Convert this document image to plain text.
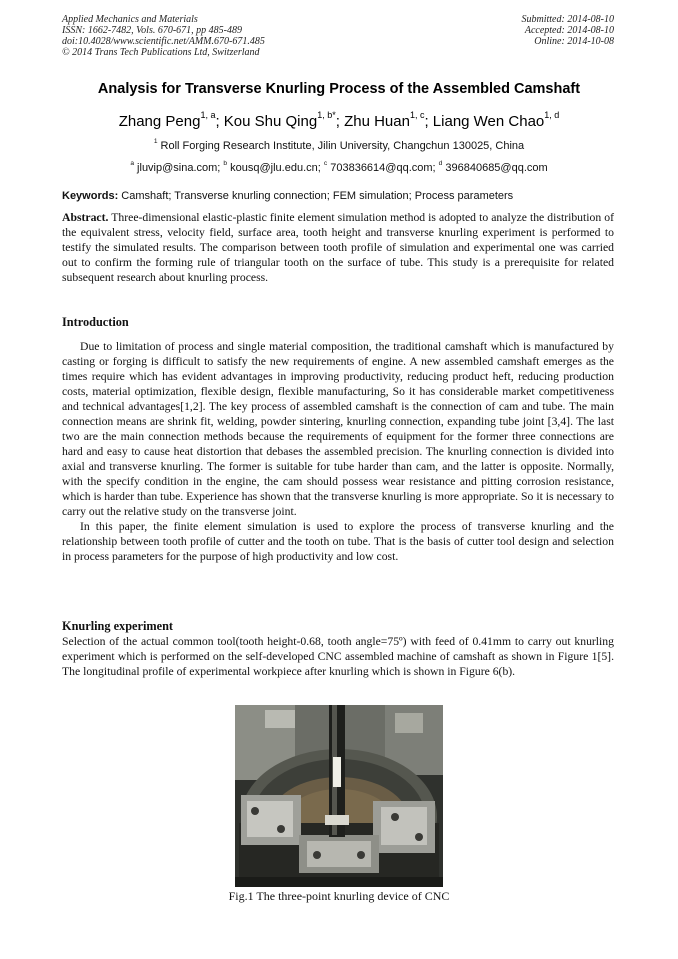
Applied Mechanics and Materials
ISSN: 1662-7482, Vols. 670-671, pp 485-489
doi:10.4028/www.scientific.net/AMM.670-671.485
© 2014 Trans Tech Publications Ltd, Switzerland
Submitted: 2014-08-10
Accepted: 2014-08-10
Online: 2014-10-08
Analysis for Transverse Knurling Process of the Assembled Camshaft
Zhang Peng$^{1, a}$; Kou Shu Qing$^{1, b*}$; Zhu Huan$^{1, c}$; Liang Wen Chao$^{1, d}$
$^1$ Roll Forging Research Institute, Jilin University, Changchun 130025, China
$^a$ jluvip@sina.com; $^b$ kousq@jlu.edu.cn; $^c$ 703836614@qq.com; $^d$ 396840685@qq.com
Keywords: Camshaft; Transverse knurling connection; FEM simulation; Process parameters

Abstract. Three-dimensional elastic-plastic finite element simulation method is adopted to analyze the distribution of the equivalent stress, velocity field, surface area, tooth height and transverse knurling experiment is performed to testify the simulated results. The comparison between tooth profile of simulation and experimental one was carried out to confirm the forming rule of triangular tooth on the surface of tube. This study is a prerequisite for related subsequent research about knurling process.

Introduction

Due to limitation of process and single material composition, the traditional camshaft which is manufactured by casting or forging is difficult to satisfy the new requirements of engine. A new assembled camshaft emerges as the times require which has evident advantages in improving productivity, reducing product heft, reducing production costs, material optimization, flexible design, flexible manufacturing, So it has considerable market competitiveness and technical advantages[1,2]. The key process of assembled camshaft is the connection of cam and tube. The main connection means are shrink fit, welding, powder sintering, knurling connection, expanding tube joint [3,4]. The last two are the main connection methods because the requirements of equipment for the former three connections are hard and easy to cause heat distortion that debases the assembled precision. The knurling connection is divided into axial and transverse knurling. The former is suitable for tube harder than cam, and the latter is opposite. Normally, with the specify condition in the engine, the cam should possess wear resistance and pitting corrosion resistance, which is harder than tube. Experience has shown that the transverse knurling is more appropriate. So it is necessary to carry out the relative study on the transverse joint.

In this paper, the finite element simulation is used to explore the process of transverse knurling and the relationship between tooth profile of cutter and the tooth on tube. That is the basis of cutter tool design and selection in process parameters for the purpose of high productivity and low cost.

Knurling experiment

Selection of the actual common tool(tooth height-0.68, tooth angle=75º) with feed of 0.41mm to carry out knurling experiment which is performed on the self-developed CNC assembled machine of camshaft as shown in Figure 1[5]. The longitudinal profile of experimental workpiece after knurling which is shown in Figure 6(b).

Fig.1 The three-point knurling device of CNC
